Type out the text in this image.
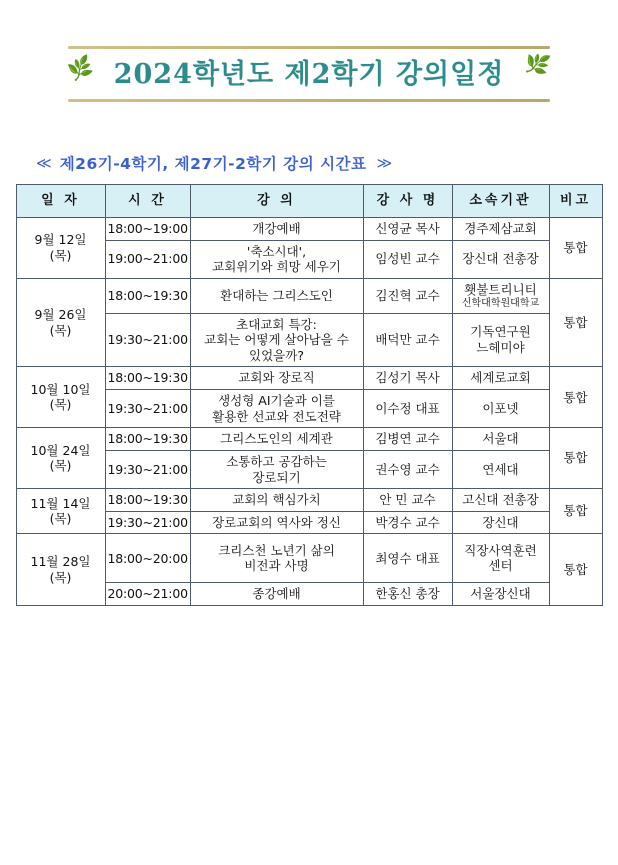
🌿 2024학년도 제2학기 강의일정 🌿
≪ 제26기-4학기, 제27기-2학기 강의 시간표 ≫
일 자	시 간	강 의	강 사 명	소속기관	비고

9월 12일
(목)	18:00~19:00	개강예배	신영균 목사	경주제삼교회	통합
	19:00~21:00	'축소시대',
교회위기와 희망 세우기	임성빈 교수	장신대 전총장	

9월 26일
(목)	18:00~19:30	환대하는 그리스도인	김진혁 교수	횃불트리니티
신학대학원대학교	통합
	19:30~21:00	초대교회 특강:
교회는 어떻게 살아남을 수
있었을까?	배덕만 교수	기독연구원
느헤미야	

10월 10일
(목)	18:00~19:30	교회와 장로직	김성기 목사	세계로교회	통합
	19:30~21:00	생성형 AI기술과 이를
활용한 선교와 전도전략	이수정 대표	이포넷	

10월 24일
(목)	18:00~19:30	그리스도인의 세계관	김병연 교수	서울대	통합
	19:30~21:00	소통하고 공감하는
장로되기	권수영 교수	연세대	

11월 14일
(목)	18:00~19:30	교회의 핵심가치	안 민 교수	고신대 전총장	통합
	19:30~21:00	장로교회의 역사와 정신	박경수 교수	장신대	

11월 28일
(목)	18:00~20:00	크리스천 노년기 삶의
비전과 사명	최영수 대표	직장사역훈련
센터	통합
	20:00~21:00	종강예배	한홍신 총장	서울장신대	
